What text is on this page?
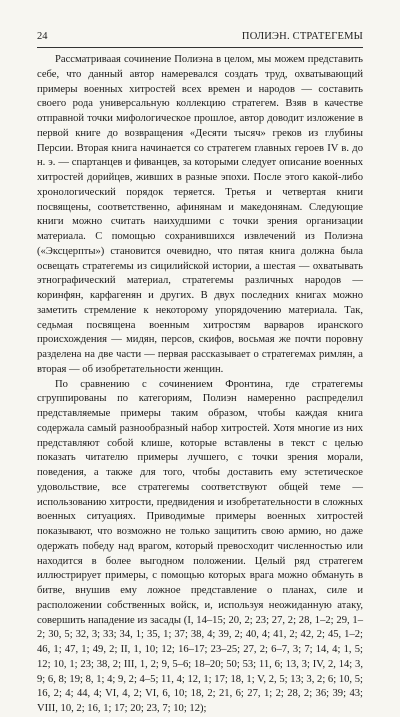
24	ПОЛИЭН. СТРАТЕГЕМЫ

Рассматриваая сочинение Полиэна в целом, мы можем представить себе, что данный автор намеревался создать труд, охватывающий примеры военных хитростей всех времен и народов — составить своего рода универсальную коллекцию стратегем. Взяв в качестве отправной точки мифологическое прошлое, автор доводит изложение в первой книге до возвращения «Десяти тысяч» греков из глубины Персии. Вторая книга начинается со стратегем главных героев IV в. до н. э. — спартанцев и фиванцев, за которыми следует описание военных хитростей дорийцев, живших в разные эпохи. После этого какой-либо хронологический порядок теряется. Третья и четвертая книги посвящены, соответственно, афинянам и македонянам. Следующие книги можно считать наихудшими с точки зрения организации материала. С помощью сохранившихся извлечений из Полиэна («Эксцерпты») становится очевидно, что пятая книга должна была освещать стратегемы из сицилийской истории, а шестая — охватывать этнографический материал, стратегемы различных народов — коринфян, карфагенян и других. В двух последних книгах можно заметить стремление к некоторому упорядочению материала. Так, седьмая посвящена военным хитростям варваров иранского происхождения — мидян, персов, скифов, восьмая же почти поровну разделена на две части — первая рассказывает о стратегемах римлян, а вторая — об изобретательности женщин.

По сравнению с сочинением Фронтина, где стратегемы сгруппированы по категориям, Полиэн намеренно распределил представляемые примеры таким образом, чтобы каждая книга содержала самый разнообразный набор хитростей. Хотя многие из них представляют собой клише, которые вставлены в текст с целью показать читателю примеры лучшего, с точки зрения морали, поведения, а также для того, чтобы доставить ему эстетическое удовольствие, все стратегемы соответствуют общей теме — использованию хитрости, предвидения и изобретательности в сложных военных ситуациях. Приводимые примеры военных хитростей показывают, что возможно не только защитить свою армию, но даже одержать победу над врагом, который превосходит численностью или находится в более выгодном положении. Целый ряд стратегем иллюстрирует примеры, с помощью которых врага можно обмануть в битве, внушив ему ложное представление о планах, силе и расположении собственных войск, и, используя неожиданную атаку, совершить нападение из засады (I, 14–15; 20, 2; 23; 27, 2; 28, 1–2; 29, 1–2; 30, 5; 32, 3; 33; 34, 1; 35, 1; 37; 38, 4; 39, 2; 40, 4; 41, 2; 42, 2; 45, 1–2; 46, 1; 47, 1; 49, 2; II, 1, 10; 12; 16–17; 23–25; 27, 2; 6–7, 3; 7; 14, 4; 1, 5; 12; 10, 1; 23; 38, 2; III, 1, 2; 9, 5–6; 18–20; 50; 53; 11, 6; 13, 3; IV, 2, 14; 3, 9; 6, 8; 19; 8, 1; 4; 9, 2; 4–5; 11, 4; 12, 1; 17; 18, 1; V, 2, 5; 13; 3, 2; 6; 10, 5; 16, 2; 4; 44, 4; VI, 4, 2; VI, 6, 10; 18, 2; 21, 6; 27, 1; 2; 28, 2; 36; 39; 43; VIII, 10, 2; 16, 1; 17; 20; 23, 7; 10; 12);
